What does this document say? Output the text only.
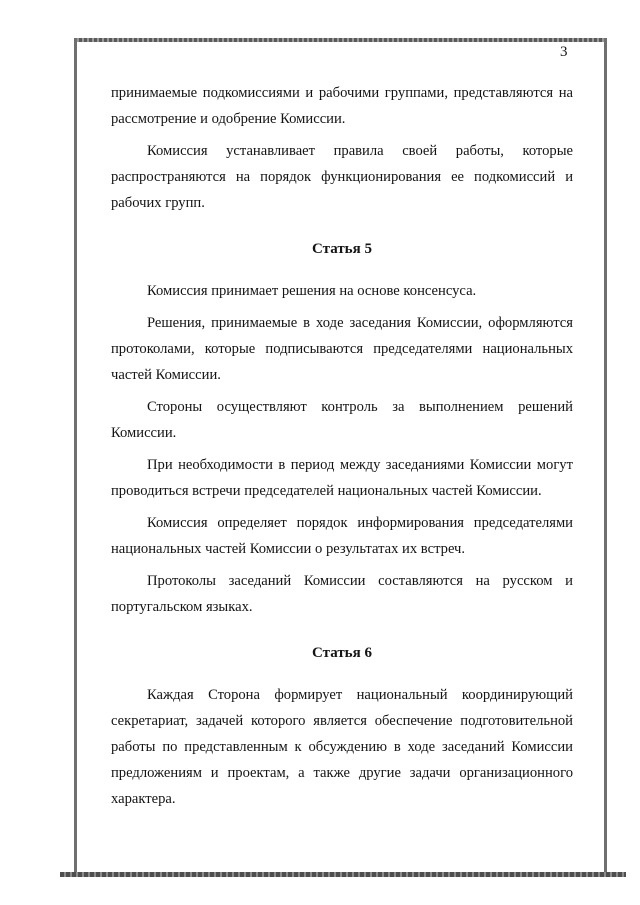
3

принимаемые подкомиссиями и рабочими группами, представляются на рассмотрение и одобрение Комиссии.

Комиссия устанавливает правила своей работы, которые распространяются на порядок функционирования ее подкомиссий и рабочих групп.

Статья 5

Комиссия принимает решения на основе консенсуса.

Решения, принимаемые в ходе заседания Комиссии, оформляются протоколами, которые подписываются председателями национальных частей Комиссии.

Стороны осуществляют контроль за выполнением решений Комиссии.

При необходимости в период между заседаниями Комиссии могут проводиться встречи председателей национальных частей Комиссии.

Комиссия определяет порядок информирования председателями национальных частей Комиссии о результатах их встреч.

Протоколы заседаний Комиссии составляются на русском и португальском языках.

Статья 6

Каждая Сторона формирует национальный координирующий секретариат, задачей которого является обеспечение подготовительной работы по представленным к обсуждению в ходе заседаний Комиссии предложениям и проектам, а также другие задачи организационного характера.
